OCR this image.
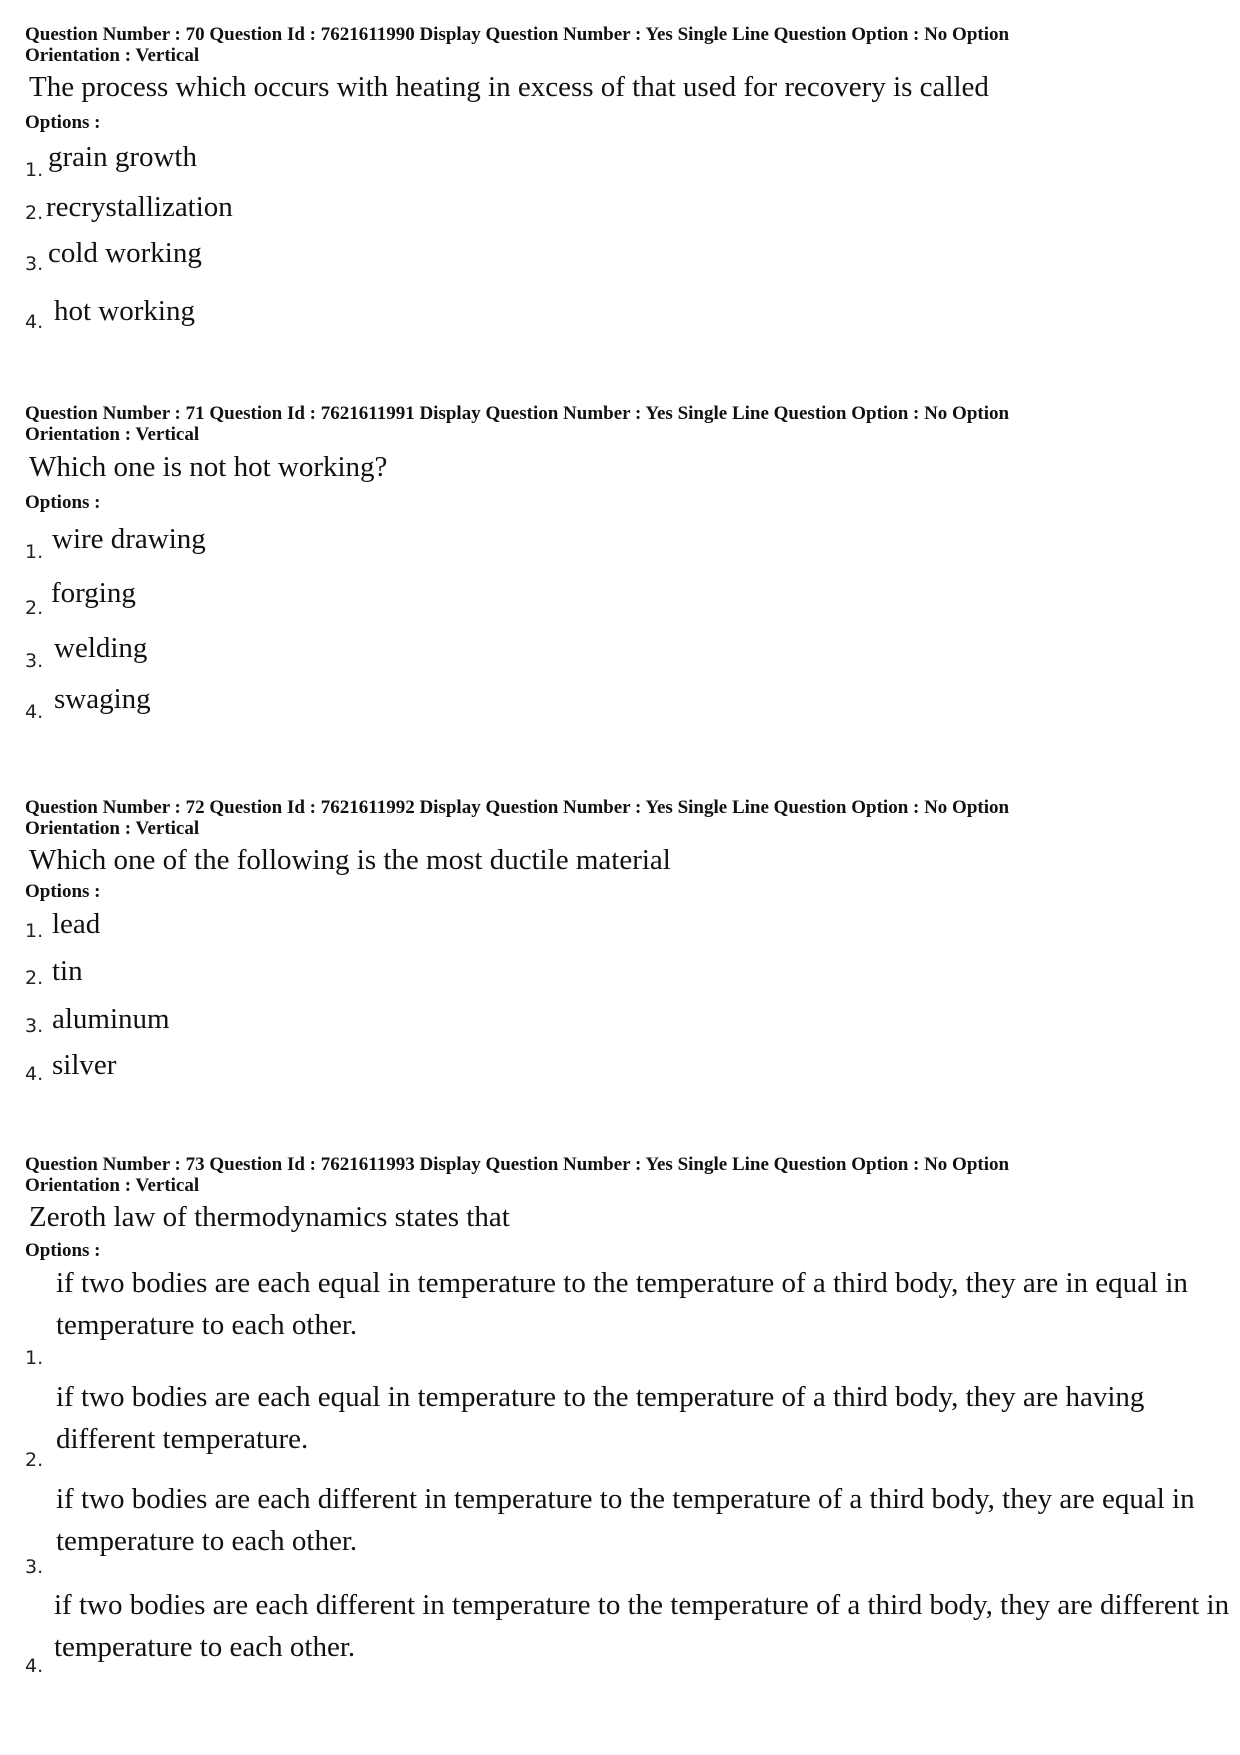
Question Number : 70 Question Id : 7621611990 Display Question Number : Yes Single Line Question Option : No Option
Orientation : Vertical
The process which occurs with heating in excess of that used for recovery is called
Options :
1. grain growth
2. recrystallization
3. cold working
4. hot working
Question Number : 71 Question Id : 7621611991 Display Question Number : Yes Single Line Question Option : No Option
Orientation : Vertical
Which one is not hot working?
Options :
1. wire drawing
2. forging
3. welding
4. swaging
Question Number : 72 Question Id : 7621611992 Display Question Number : Yes Single Line Question Option : No Option
Orientation : Vertical
Which one of the following is the most ductile material
Options :
1. lead
2. tin
3. aluminum
4. silver
Question Number : 73 Question Id : 7621611993 Display Question Number : Yes Single Line Question Option : No Option
Orientation : Vertical
Zeroth law of thermodynamics states that
Options :
1.
if two bodies are each equal in temperature to the temperature of a third body, they are in equal in temperature to each other.
2.
if two bodies are each equal in temperature to the temperature of a third body, they are having different temperature.
3.
if two bodies are each different in temperature to the temperature of a third body, they are equal in temperature to each other.
4.
if two bodies are each different in temperature to the temperature of a third body, they are different in temperature to each other.
